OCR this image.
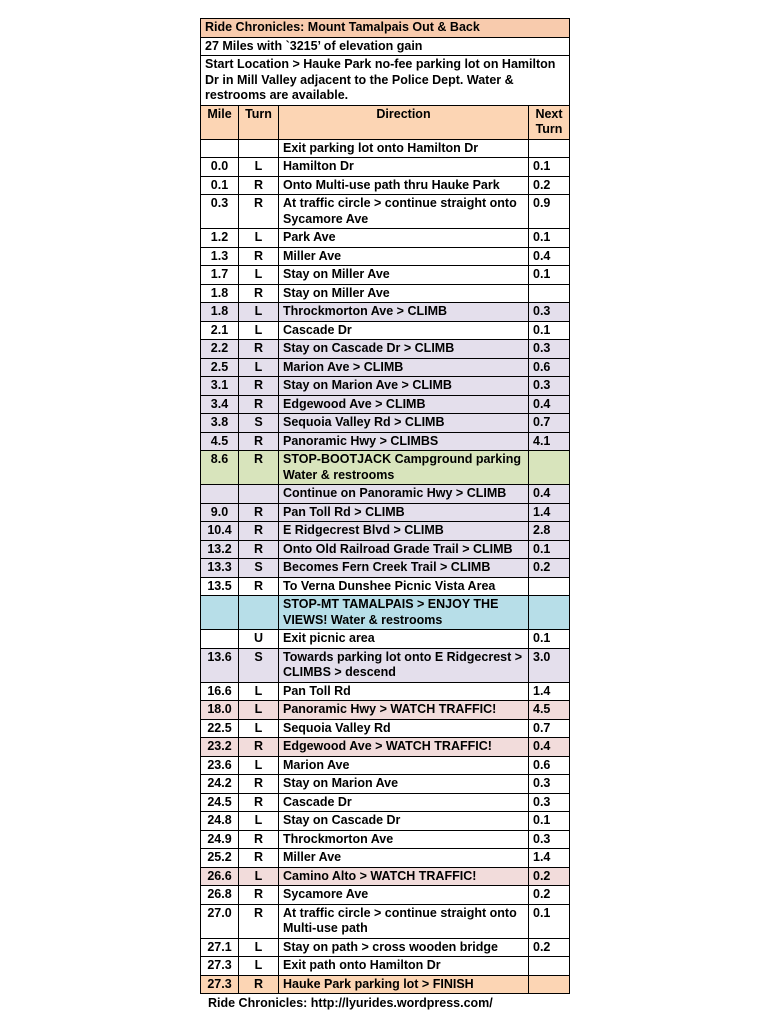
Ride Chronicles: Mount Tamalpais Out & Back			
27 Miles with `3215’ of elevation gain			
Start Location > Hauke Park no-fee parking lot on Hamilton Dr in Mill Valley adjacent to the Police Dept. Water & restrooms are available.			
Mile	Turn	Direction	Next Turn
		Exit parking lot onto Hamilton Dr	
0.0	L	Hamilton Dr	0.1
0.1	R	Onto Multi-use path thru Hauke Park	0.2
0.3	R	At traffic circle > continue straight onto Sycamore Ave	0.9
1.2	L	Park Ave	0.1
1.3	R	Miller Ave	0.4
1.7	L	Stay on Miller Ave	0.1
1.8	R	Stay on Miller Ave	
1.8	L	Throckmorton Ave > CLIMB	0.3
2.1	L	Cascade Dr	0.1
2.2	R	Stay on Cascade Dr > CLIMB	0.3
2.5	L	Marion Ave > CLIMB	0.6
3.1	R	Stay on Marion Ave > CLIMB	0.3
3.4	R	Edgewood Ave > CLIMB	0.4
3.8	S	Sequoia Valley Rd > CLIMB	0.7
4.5	R	Panoramic Hwy > CLIMBS	4.1
8.6	R	STOP-BOOTJACK Campground parking Water & restrooms	
		Continue on Panoramic Hwy > CLIMB	0.4
9.0	R	Pan Toll Rd > CLIMB	1.4
10.4	R	E Ridgecrest Blvd > CLIMB	2.8
13.2	R	Onto Old Railroad Grade Trail > CLIMB	0.1
13.3	S	Becomes Fern Creek Trail > CLIMB	0.2
13.5	R	To Verna Dunshee Picnic Vista Area	
		STOP-MT TAMALPAIS > ENJOY THE VIEWS! Water & restrooms	
	U	Exit picnic area	0.1
13.6	S	Towards parking lot onto E Ridgecrest > CLIMBS > descend	3.0
16.6	L	Pan Toll Rd	1.4
18.0	L	Panoramic Hwy > WATCH TRAFFIC!	4.5
22.5	L	Sequoia Valley Rd	0.7
23.2	R	Edgewood Ave > WATCH TRAFFIC!	0.4
23.6	L	Marion Ave	0.6
24.2	R	Stay on Marion Ave	0.3
24.5	R	Cascade Dr	0.3
24.8	L	Stay on Cascade Dr	0.1
24.9	R	Throckmorton Ave	0.3
25.2	R	Miller Ave	1.4
26.6	L	Camino Alto > WATCH TRAFFIC!	0.2
26.8	R	Sycamore Ave	0.2
27.0	R	At traffic circle > continue straight onto Multi-use path	0.1
27.1	L	Stay on path > cross wooden bridge	0.2
27.3	L	Exit path onto Hamilton Dr	
27.3	R	Hauke Park parking lot > FINISH	
Ride Chronicles: http://lyurides.wordpress.com/
